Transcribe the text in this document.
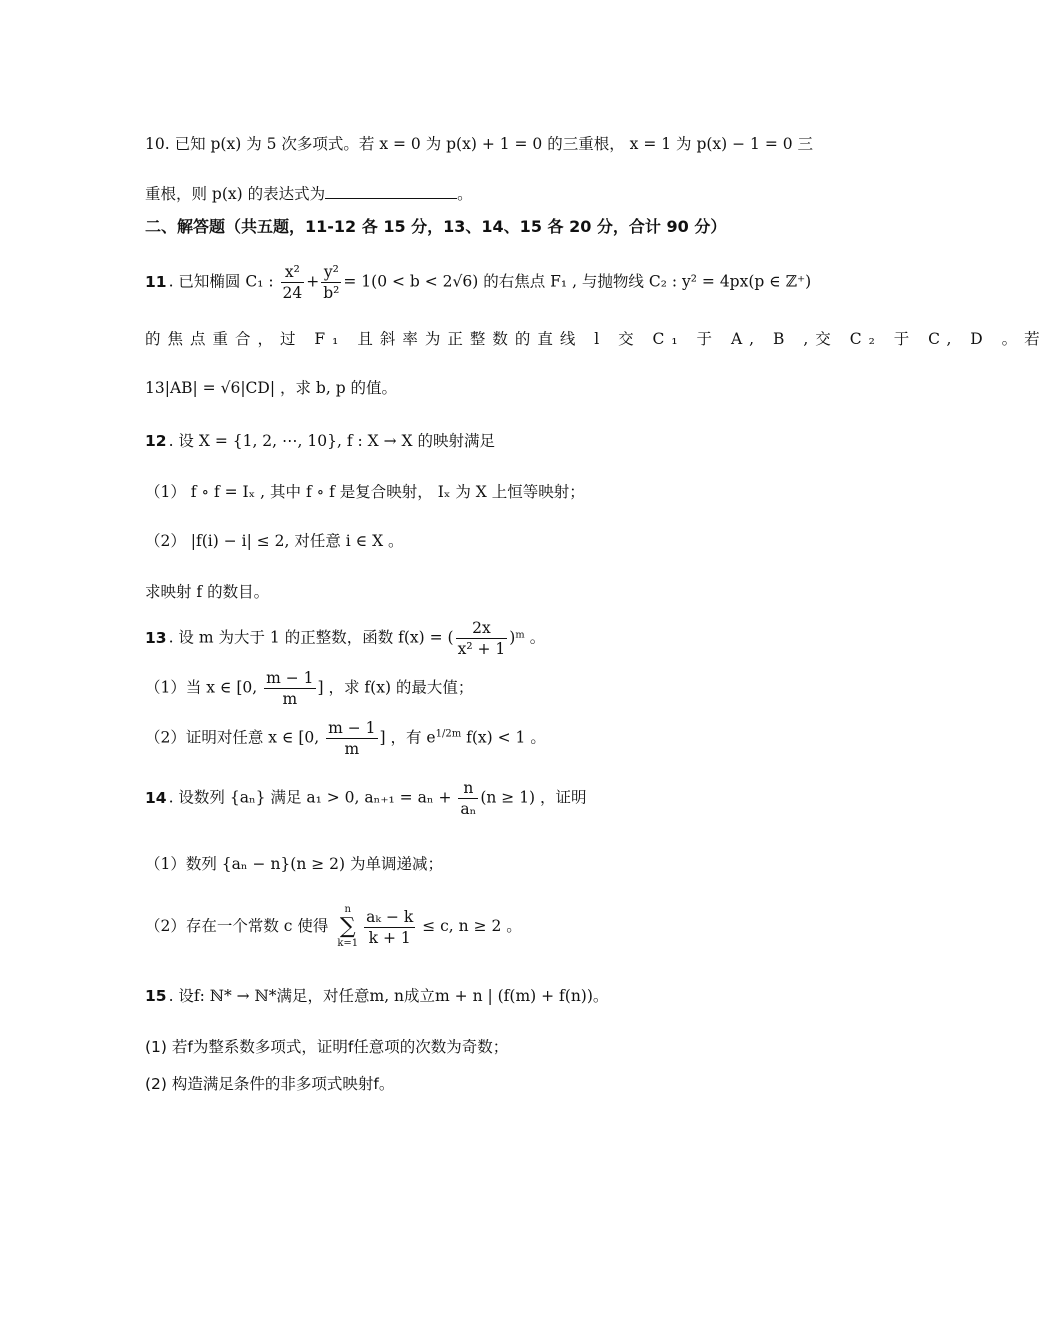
10. 已知 p(x) 为 5 次多项式。若 x = 0 为 p(x) + 1 = 0 的三重根， x = 1 为 p(x) − 1 = 0 三
重根，则 p(x) 的表达式为	。
二、解答题（共五题，11-12 各 15 分，13、14、15 各 20 分，合计 90 分）
11 . 已知椭圆 C₁ : $\frac{\text{x²}}{24} + \frac{\text{y²}}{\text{b²}} = 1(0 < b < 2√6)$ 的右焦点 F₁ , 与抛物线 C₂ : y² = 4px(p ∈ ℤ⁺)
的焦点重合，过 F₁ 且斜率为正整数的直线 l 交 C₁ 于 A, B ,交 C₂ 于 C, D 。若
13|AB| = √6|CD| ，求 b, p 的值。
12 . 设 X = {1, 2, ⋯, 10}, f : X → X 的映射满足
（1） f ∘ f = Iₓ , 其中 f ∘ f 是复合映射， Iₓ 为 X 上恒等映射；
（2） |f(i) − i| ≤ 2, 对任意 i ∈ X 。
求映射 f 的数目。
13 . 设 m 为大于 1 的正整数，函数 f(x) = ( $\frac{2x}{\text{x² + 1}}$ )ᵐ 。
（1）当 x ∈ [0, $\frac{m - 1}{m}$ ] ，求 f(x) 的最大值；
（2）证明对任意 x ∈ [0, $\frac{m - 1}{m}$ ] ，有 $e^{1/2m}$ f(x) < 1 。
14 . 设数列 {aₙ} 满足 a₁ > 0, $a_{n+1} = a_n + \frac{n}{\text{aₙ}} (n \ge 1)$ ，证明
（1）数列 {aₙ − n}(n ≥ 2) 为单调递减；
（2）存在一个常数 c 使得
n
∑
$k=1 \frac{\text{aₖ − k}}{k + 1} \le c$, n ≥ 2 。
15 . 设f: ℕ* → ℕ*满足，对任意m, n成立m + n | (f(m) + f(n))。
(1) 若f为整系数多项式，证明f任意项的次数为奇数；
(2) 构造满足条件的非多项式映射f。
